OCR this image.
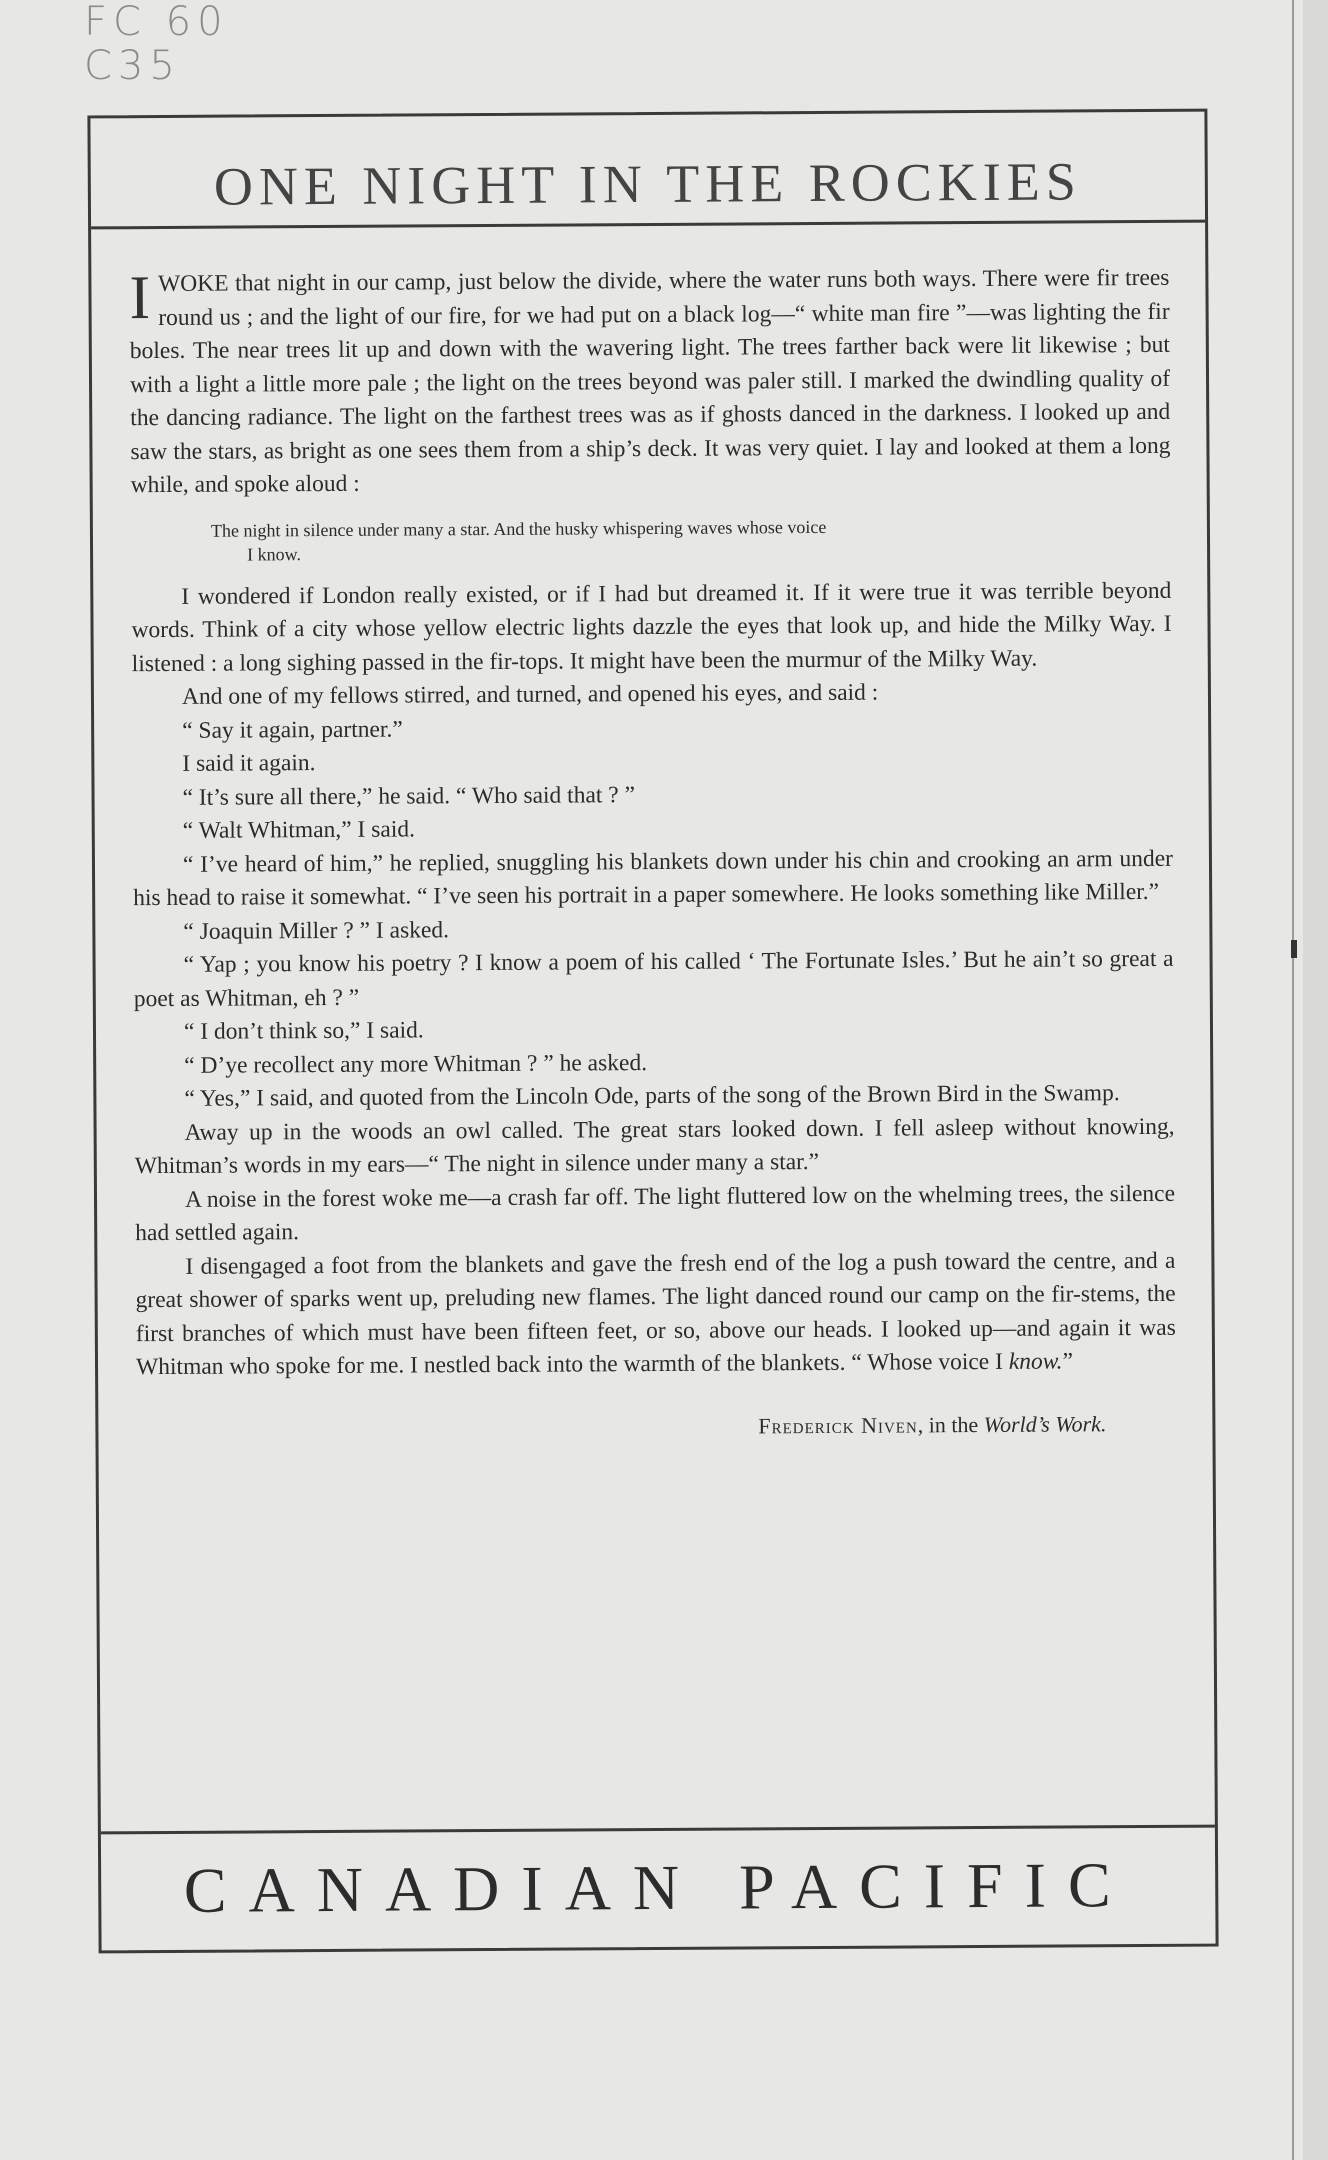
FC 60
C35
ONE NIGHT IN THE ROCKIES

IWOKE that night in our camp, just below the divide, where the water runs both ways. There were fir trees round us ; and the light of our fire, for we had put on a black log—“ white man fire ”—was lighting the fir boles. The near trees lit up and down with the wavering light. The trees farther back were lit likewise ; but with a light a little more pale ; the light on the trees beyond was paler still. I marked the dwindling quality of the dancing radiance. The light on the farthest trees was as if ghosts danced in the darkness. I looked up and saw the stars, as bright as one sees them from a ship’s deck. It was very quiet. I lay and looked at them a long while, and spoke aloud :

The night in silence under many a star. And the husky whispering waves whose voice
I know.

I wondered if London really existed, or if I had but dreamed it. If it were true it was terrible beyond words. Think of a city whose yellow electric lights dazzle the eyes that look up, and hide the Milky Way. I listened : a long sighing passed in the fir-tops. It might have been the murmur of the Milky Way.

And one of my fellows stirred, and turned, and opened his eyes, and said :

“ Say it again, partner.”

I said it again.

“ It’s sure all there,” he said. “ Who said that ? ”

“ Walt Whitman,” I said.

“ I’ve heard of him,” he replied, snuggling his blankets down under his chin and crooking an arm under his head to raise it somewhat. “ I’ve seen his portrait in a paper somewhere. He looks something like Miller.”

“ Joaquin Miller ? ” I asked.

“ Yap ; you know his poetry ? I know a poem of his called ‘ The Fortunate Isles.’ But he ain’t so great a poet as Whitman, eh ? ”

“ I don’t think so,” I said.

“ D’ye recollect any more Whitman ? ” he asked.

“ Yes,” I said, and quoted from the Lincoln Ode, parts of the song of the Brown Bird in the Swamp.

Away up in the woods an owl called. The great stars looked down. I fell asleep without knowing, Whitman’s words in my ears—“ The night in silence under many a star.”

A noise in the forest woke me—a crash far off. The light fluttered low on the whelming trees, the silence had settled again.

I disengaged a foot from the blankets and gave the fresh end of the log a push toward the centre, and a great shower of sparks went up, preluding new flames. The light danced round our camp on the fir-stems, the first branches of which must have been fifteen feet, or so, above our heads. I looked up—and again it was Whitman who spoke for me. I nestled back into the warmth of the blankets. “ Whose voice I know.”

Frederick Niven, in the World’s Work.

CANADIAN PACIFIC
